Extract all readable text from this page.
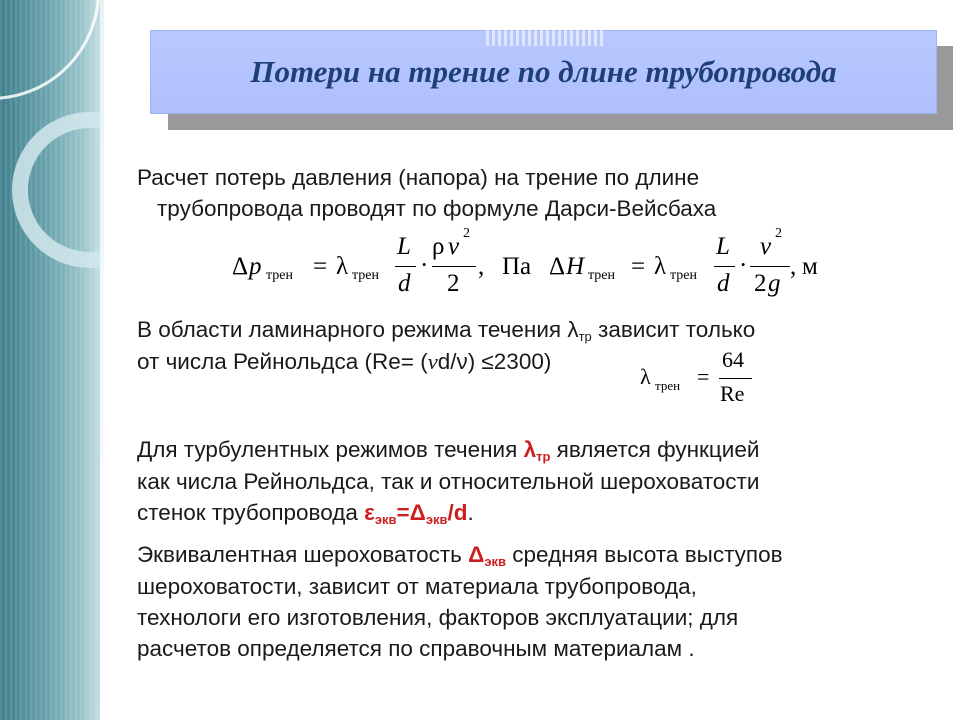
Потери на трение по длине трубопровода
Расчет потерь давления (напора) на трение по длине
трубопровода проводят по формуле Дарси-Вейсбаха
Δ p трен = λ трен
L
d
·
ρ v 2
2
, Па Δ H трен = λ трен
L
d
·
v 2
2 g
, м
В области ламинарного режима течения $\lambda_{тр}$ зависит только
от числа Рейнольдса (Re= (vd/ν) ≤2300)
λ трен =
64
Re
Для турбулентных режимов течения $\lambda_{тр}$ является функцией
как числа Рейнольдса, так и относительной шероховатости
стенок трубопровода $\varepsilon_{экв}=\Delta_{экв}/d$.
Эквивалентная шероховатость $\Delta_{экв}$ средняя высота выступов
шероховатости, зависит от материала трубопровода,
технологи его изготовления, факторов эксплуатации; для
расчетов определяется по справочным материалам .
